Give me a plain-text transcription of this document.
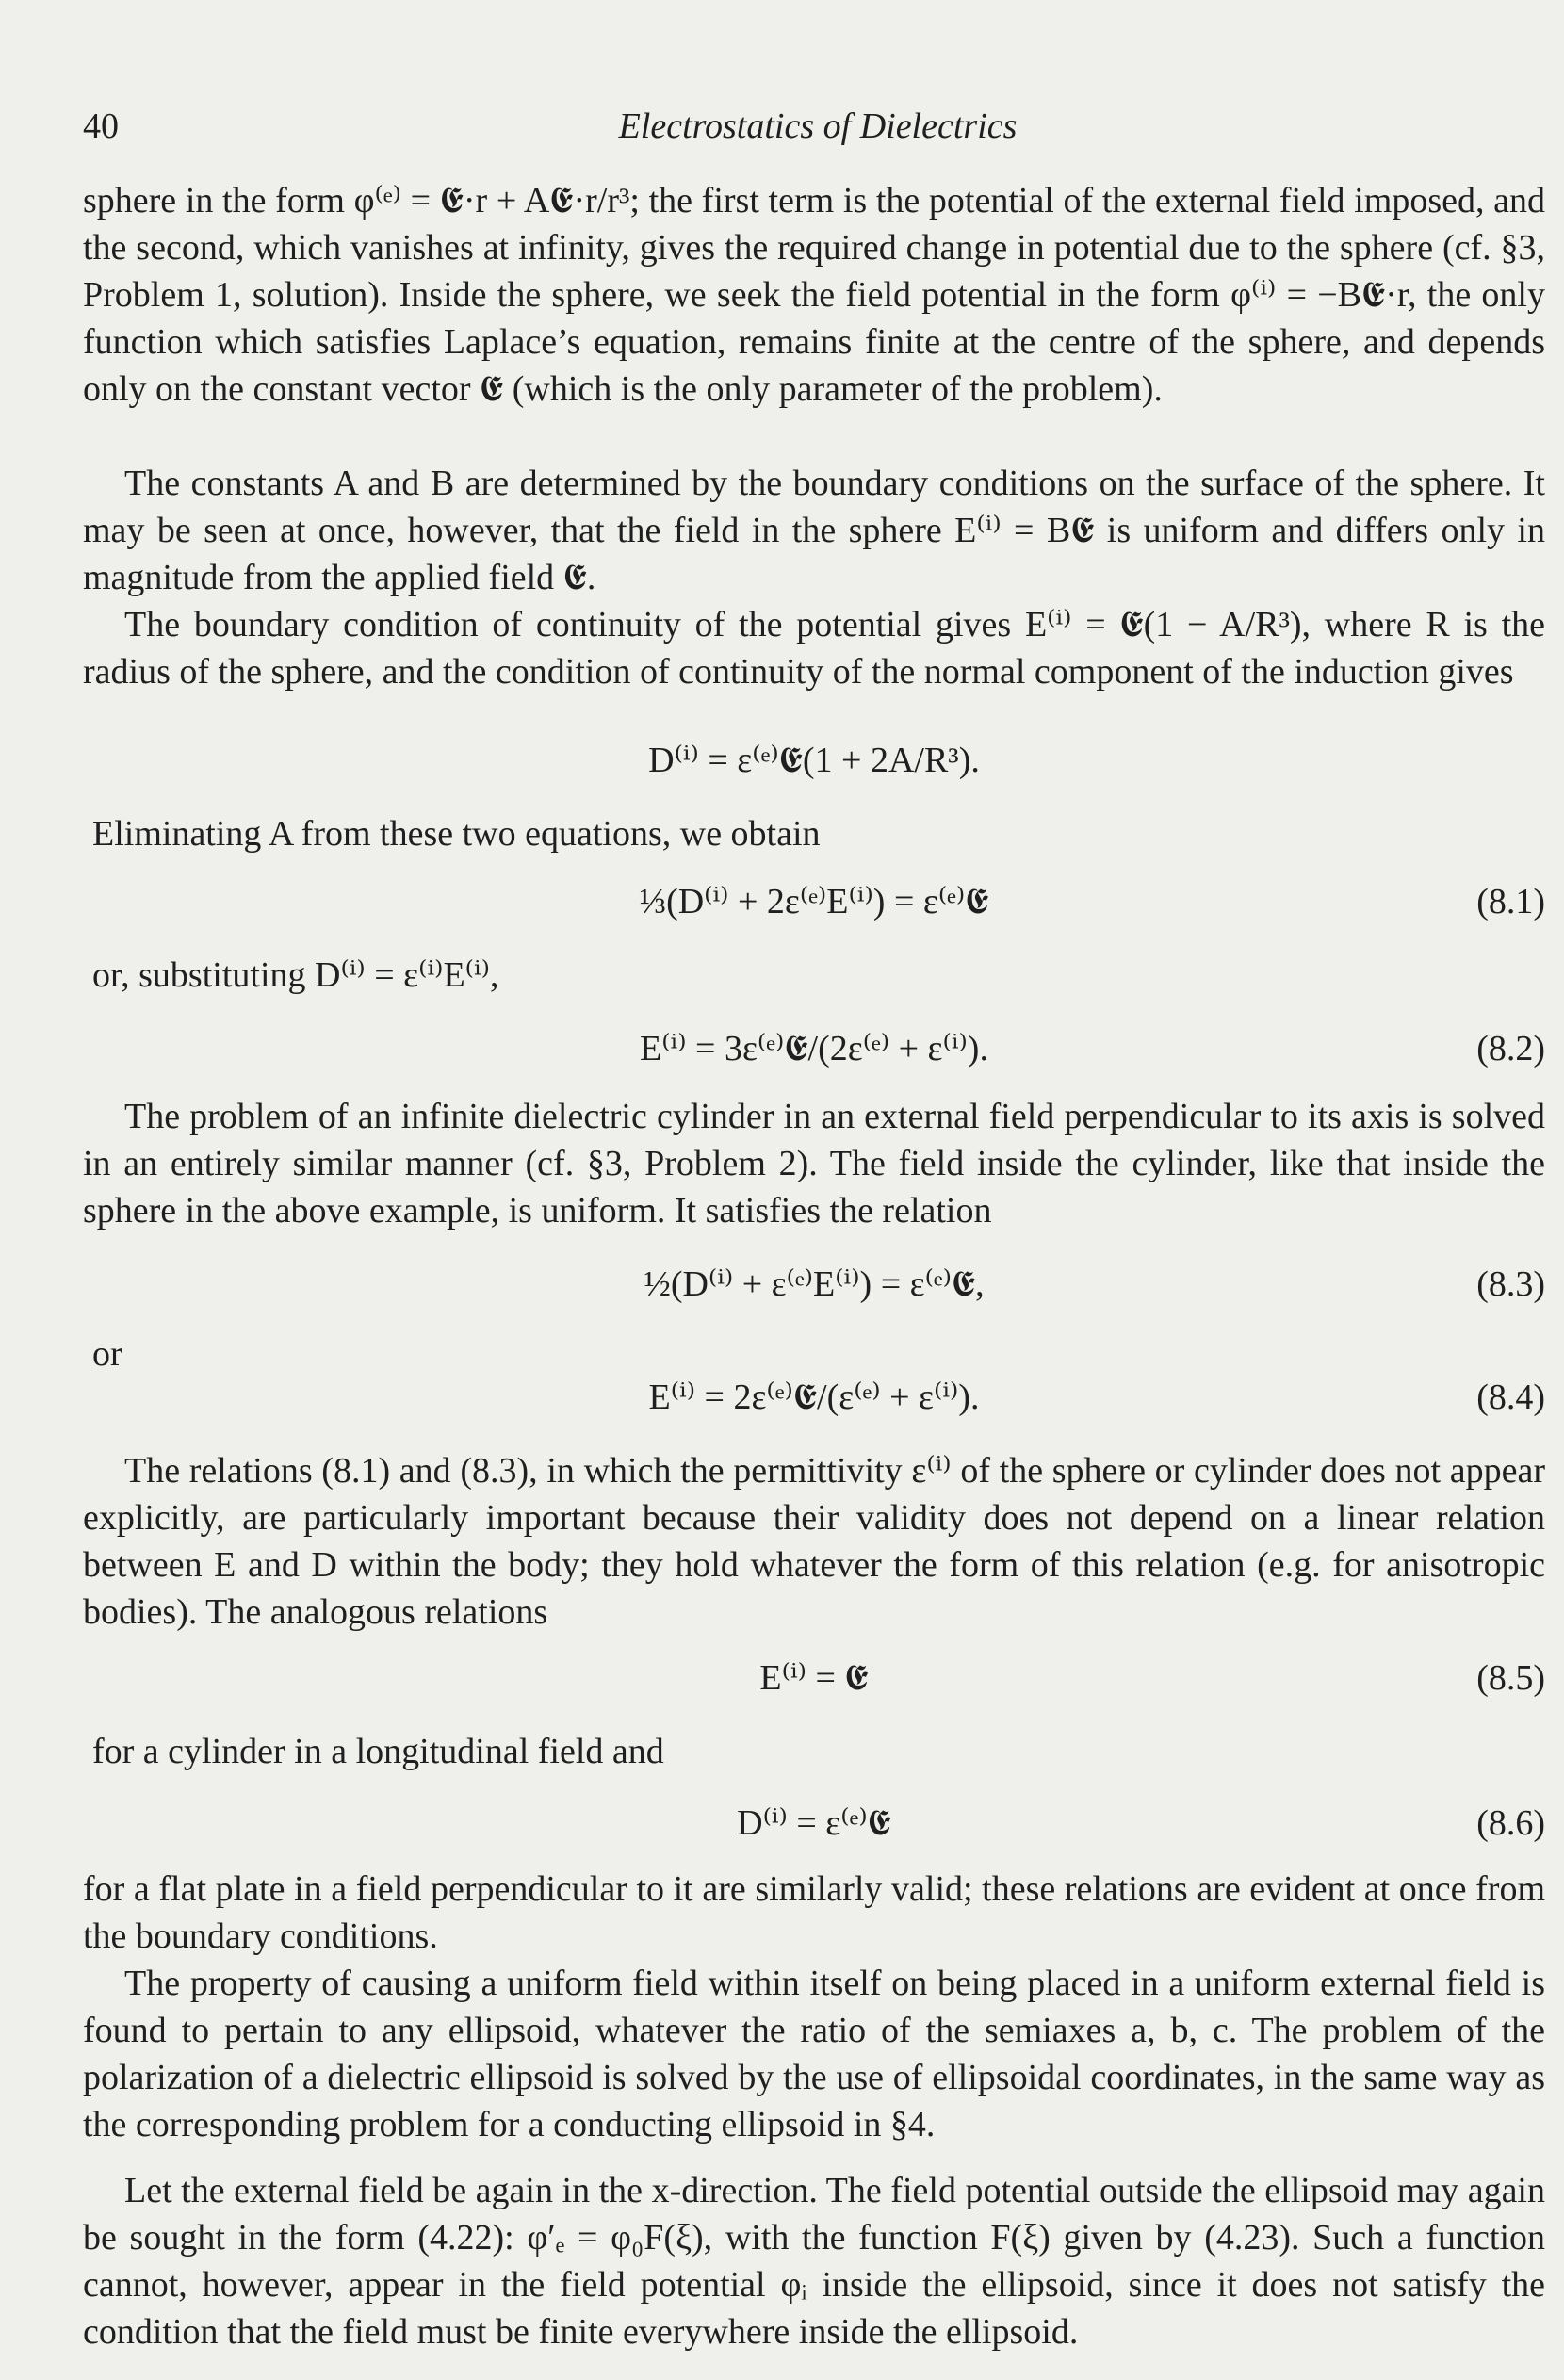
40	Electrostatics of Dielectrics

sphere in the form φ⁽ᵉ⁾ = 𝕰·r + A𝕰·r/r³; the first term is the potential of the external field imposed, and the second, which vanishes at infinity, gives the required change in potential due to the sphere (cf. §3, Problem 1, solution). Inside the sphere, we seek the field potential in the form φ⁽ⁱ⁾ = −B𝕰·r, the only function which satisfies Laplace’s equation, remains finite at the centre of the sphere, and depends only on the constant vector 𝕰 (which is the only parameter of the problem).

The constants A and B are determined by the boundary conditions on the surface of the sphere. It may be seen at once, however, that the field in the sphere E⁽ⁱ⁾ = B𝕰 is uniform and differs only in magnitude from the applied field 𝕰.

The boundary condition of continuity of the potential gives E⁽ⁱ⁾ = 𝕰(1 − A/R³), where R is the radius of the sphere, and the condition of continuity of the normal component of the induction gives

D⁽ⁱ⁾ = ε⁽ᵉ⁾𝕰(1 + 2A/R³).
Eliminating A from these two equations, we obtain
⅓(D⁽ⁱ⁾ + 2ε⁽ᵉ⁾E⁽ⁱ⁾) = ε⁽ᵉ⁾𝕰	(8.1)
or, substituting D⁽ⁱ⁾ = ε⁽ⁱ⁾E⁽ⁱ⁾,
E⁽ⁱ⁾ = 3ε⁽ᵉ⁾𝕰/(2ε⁽ᵉ⁾ + ε⁽ⁱ⁾).	(8.2)

The problem of an infinite dielectric cylinder in an external field perpendicular to its axis is solved in an entirely similar manner (cf. §3, Problem 2). The field inside the cylinder, like that inside the sphere in the above example, is uniform. It satisfies the relation

½(D⁽ⁱ⁾ + ε⁽ᵉ⁾E⁽ⁱ⁾) = ε⁽ᵉ⁾𝕰,	(8.3)
or
E⁽ⁱ⁾ = 2ε⁽ᵉ⁾𝕰/(ε⁽ᵉ⁾ + ε⁽ⁱ⁾).	(8.4)

The relations (8.1) and (8.3), in which the permittivity ε⁽ⁱ⁾ of the sphere or cylinder does not appear explicitly, are particularly important because their validity does not depend on a linear relation between E and D within the body; they hold whatever the form of this relation (e.g. for anisotropic bodies). The analogous relations

E⁽ⁱ⁾ = 𝕰	(8.5)
for a cylinder in a longitudinal field and
D⁽ⁱ⁾ = ε⁽ᵉ⁾𝕰	(8.6)

for a flat plate in a field perpendicular to it are similarly valid; these relations are evident at once from the boundary conditions.

The property of causing a uniform field within itself on being placed in a uniform external field is found to pertain to any ellipsoid, whatever the ratio of the semiaxes a, b, c. The problem of the polarization of a dielectric ellipsoid is solved by the use of ellipsoidal coordinates, in the same way as the corresponding problem for a conducting ellipsoid in §4.

Let the external field be again in the x-direction. The field potential outside the ellipsoid may again be sought in the form (4.22): φ′ₑ = φ₀F(ξ), with the function F(ξ) given by (4.23). Such a function cannot, however, appear in the field potential φᵢ inside the ellipsoid, since it does not satisfy the condition that the field must be finite everywhere inside the ellipsoid.
